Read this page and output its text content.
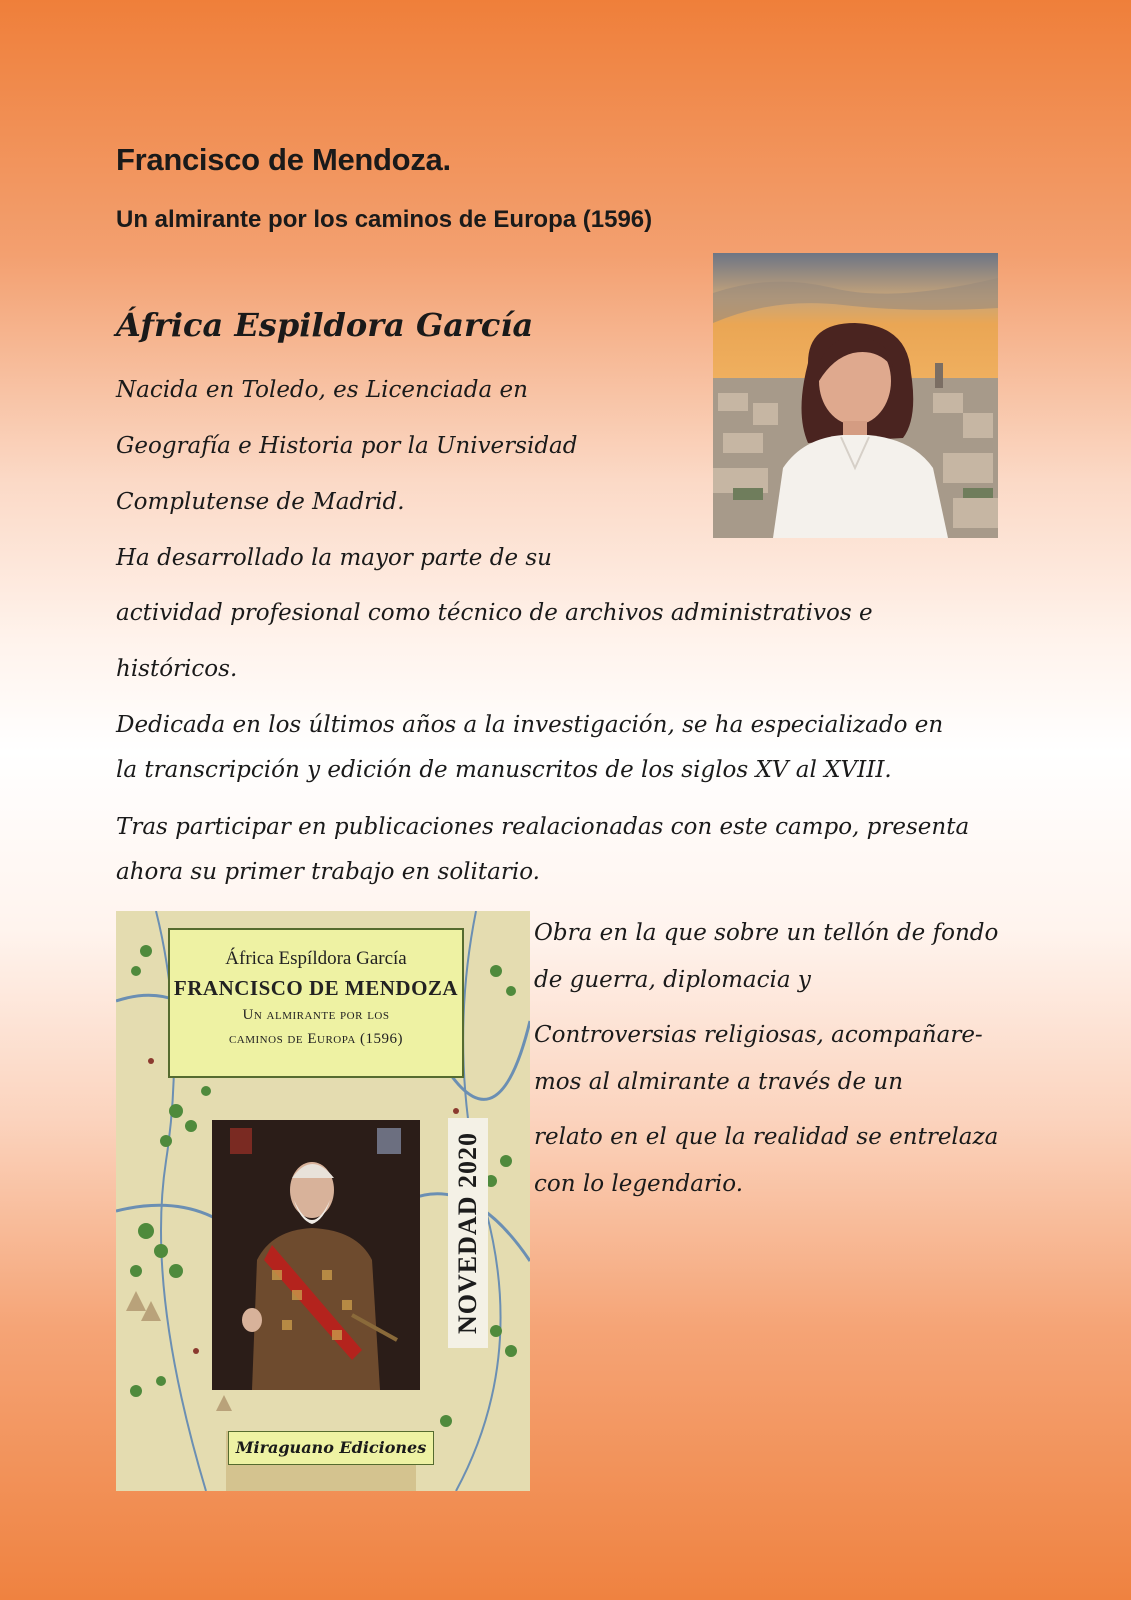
Francisco de Mendoza.
Un almirante por los caminos de Europa (1596)
África Espildora García
Nacida en Toledo, es Licenciada en
Geografía e Historia por la Universidad
Complutense de Madrid.
Ha desarrollado la mayor parte de su

actividad profesional como técnico de archivos administrativos e

históricos.

Dedicada en los últimos años a la investigación, se ha especializado en

la transcripción y edición de manuscritos de los siglos XV al XVIII.

Tras participar en publicaciones realacionadas con este campo, presenta

ahora su primer trabajo en solitario.

Obra en la que sobre un tellón de fondo

de guerra, diplomacia y

Controversias religiosas, acompañare-

mos al almirante a través de un

relato en el que la realidad se entrelaza

con lo legendario.

África Espíldora García
FRANCISCO DE MENDOZA
Un almirante por los
caminos de Europa (1596)
NOVEDAD 2020
Miraguano Ediciones
